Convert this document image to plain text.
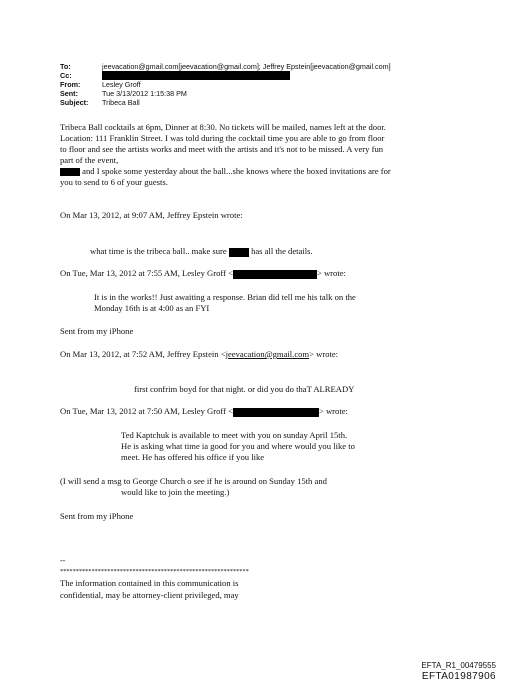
To:	jeevacation@gmail.com[jeevacation@gmail.com]; Jeffrey Epstein[jeevacation@gmail.com]
Cc:
From:	Lesley Groff
Sent:	Tue 3/13/2012 1:15:38 PM
Subject: Tribeca Ball
Tribeca Ball cocktails at 6pm, Dinner at 8:30. No tickets will be mailed, names left at the door.
Location: 111 Franklin Street. I was told during the cocktail time you are able to go from floor
to floor and see the artists works and meet with the artists and it's not to be missed. A very fun
part of the event,
and I spoke some yesterday about the ball...she knows where the boxed invitations are for
you to send to 6 of your guests.
On Mar 13, 2012, at 9:07 AM, Jeffrey Epstein wrote:
what time is the tribeca ball.. make sure	has all the details.
On Tue, Mar 13, 2012 at 7:55 AM, Lesley Groff <	> wrote:
It is in the works!! Just awaiting a response. Brian did tell me his talk on the
Monday 16th is at 4:00 as an FYI
Sent from my iPhone
On Mar 13, 2012, at 7:52 AM, Jeffrey Epstein <jeevacation@gmail.com> wrote:
first confrim boyd for that night. or did you do thaT ALREADY
On Tue, Mar 13, 2012 at 7:50 AM, Lesley Groff <	> wrote:
Ted Kaptchuk is available to meet with you on sunday April 15th.
He is asking what time ia good for you and where would you like to
meet. He has offered his office if you like
(I will send a msg to George Church o see if he is around on Sunday 15th and
would like to join the meeting.)
Sent from my iPhone
--
************************************************************
The information contained in this communication is
confidential, may be attorney-client privileged, may
EFTA_R1_00479555
EFTA01987906
